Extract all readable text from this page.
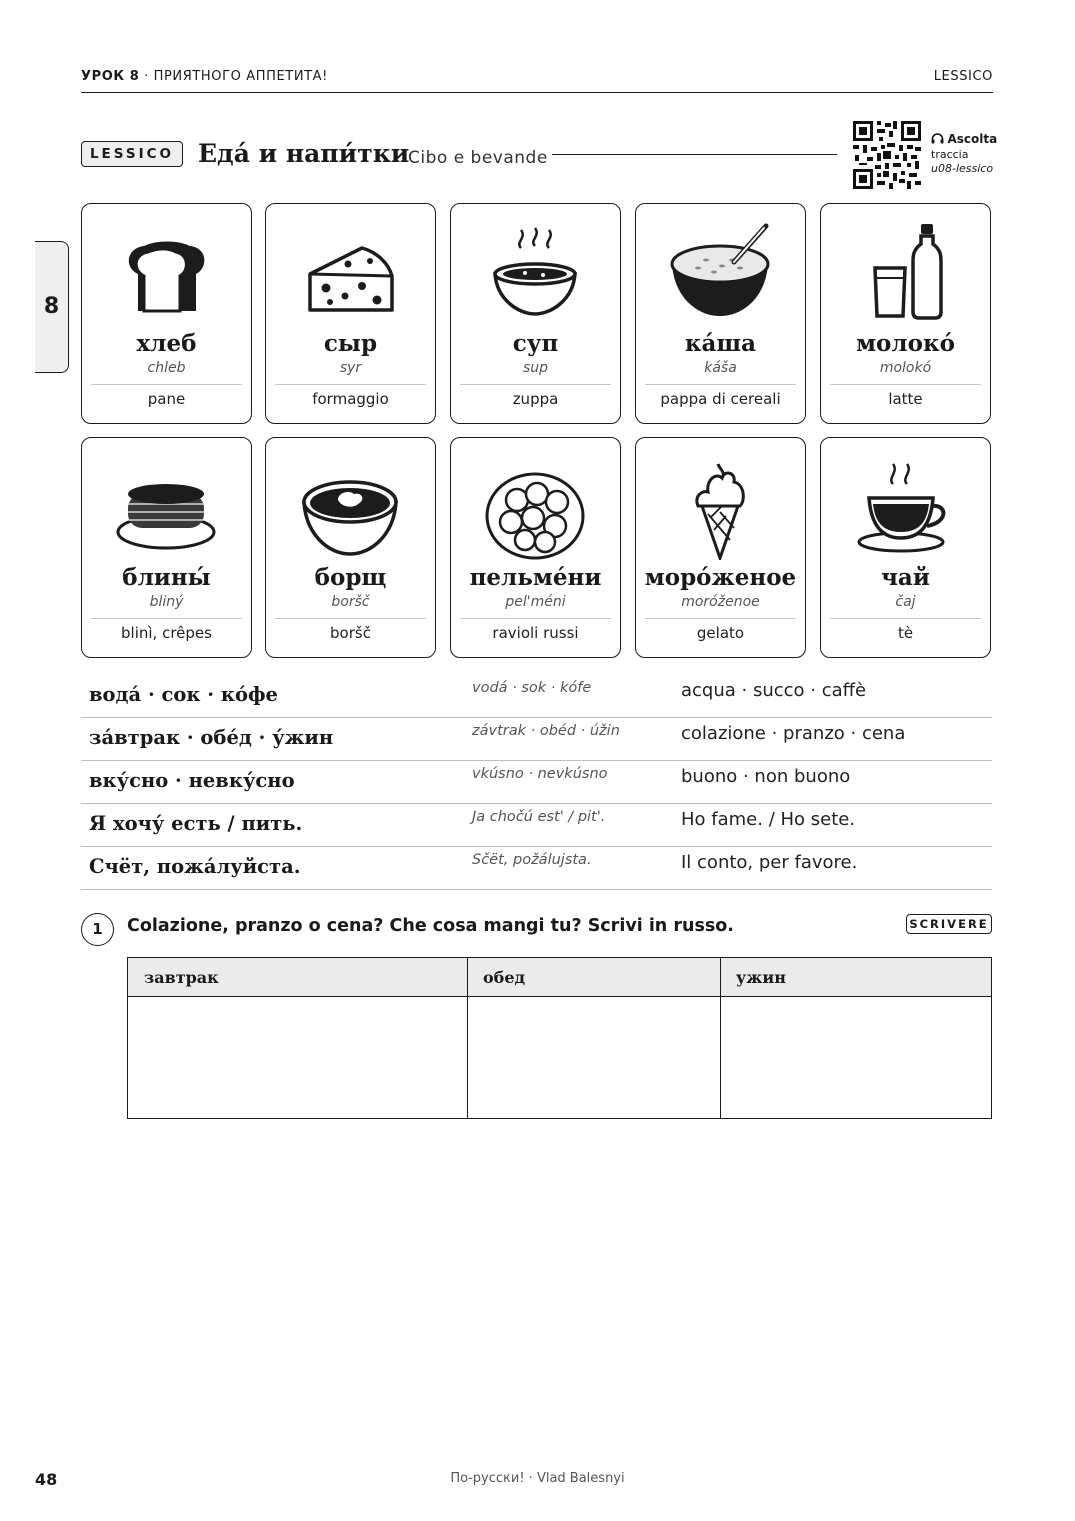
УРОК 8 · ПРИЯТНОГО АППЕТИТА!	LESSICO
8
LESSICO Еда́ и напи́тки
Cibo e bevande
Ascolta
traccia
u08-lessico
хлеб
chleb
pane
сыр
syr
formaggio
суп
sup
zuppa
ка́ша
káša
pappa di cereali
молоко́
molokó
latte
блины́
bliný
blinì, crêpes
борщ
boršč
boršč
пельме́ни
pel'méni
ravioli russi
моро́женое
moróženoe
gelato
чай
čaj
tè
вода́ · сок · ко́фе	vodá · sok · kófe	acqua · succo · caffè
за́втрак · обе́д · у́жин	závtrak · obéd · úžin	colazione · pranzo · cena
вку́сно · невку́сно	vkúsno · nevkúsno	buono · non buono
Я хочу́ есть / пить.	Ja chočú est' / pit'.	Ho fame. / Ho sete.
Счёт, пожа́луйста.	Sčët, požálujsta.	Il conto, per favore.
1	Colazione, pranzo o cena? Che cosa mangi tu? Scrivi in russo.	SCRIVERE
завтрак	обед	ужин
48	По-русски! · Vlad Balesnyi
